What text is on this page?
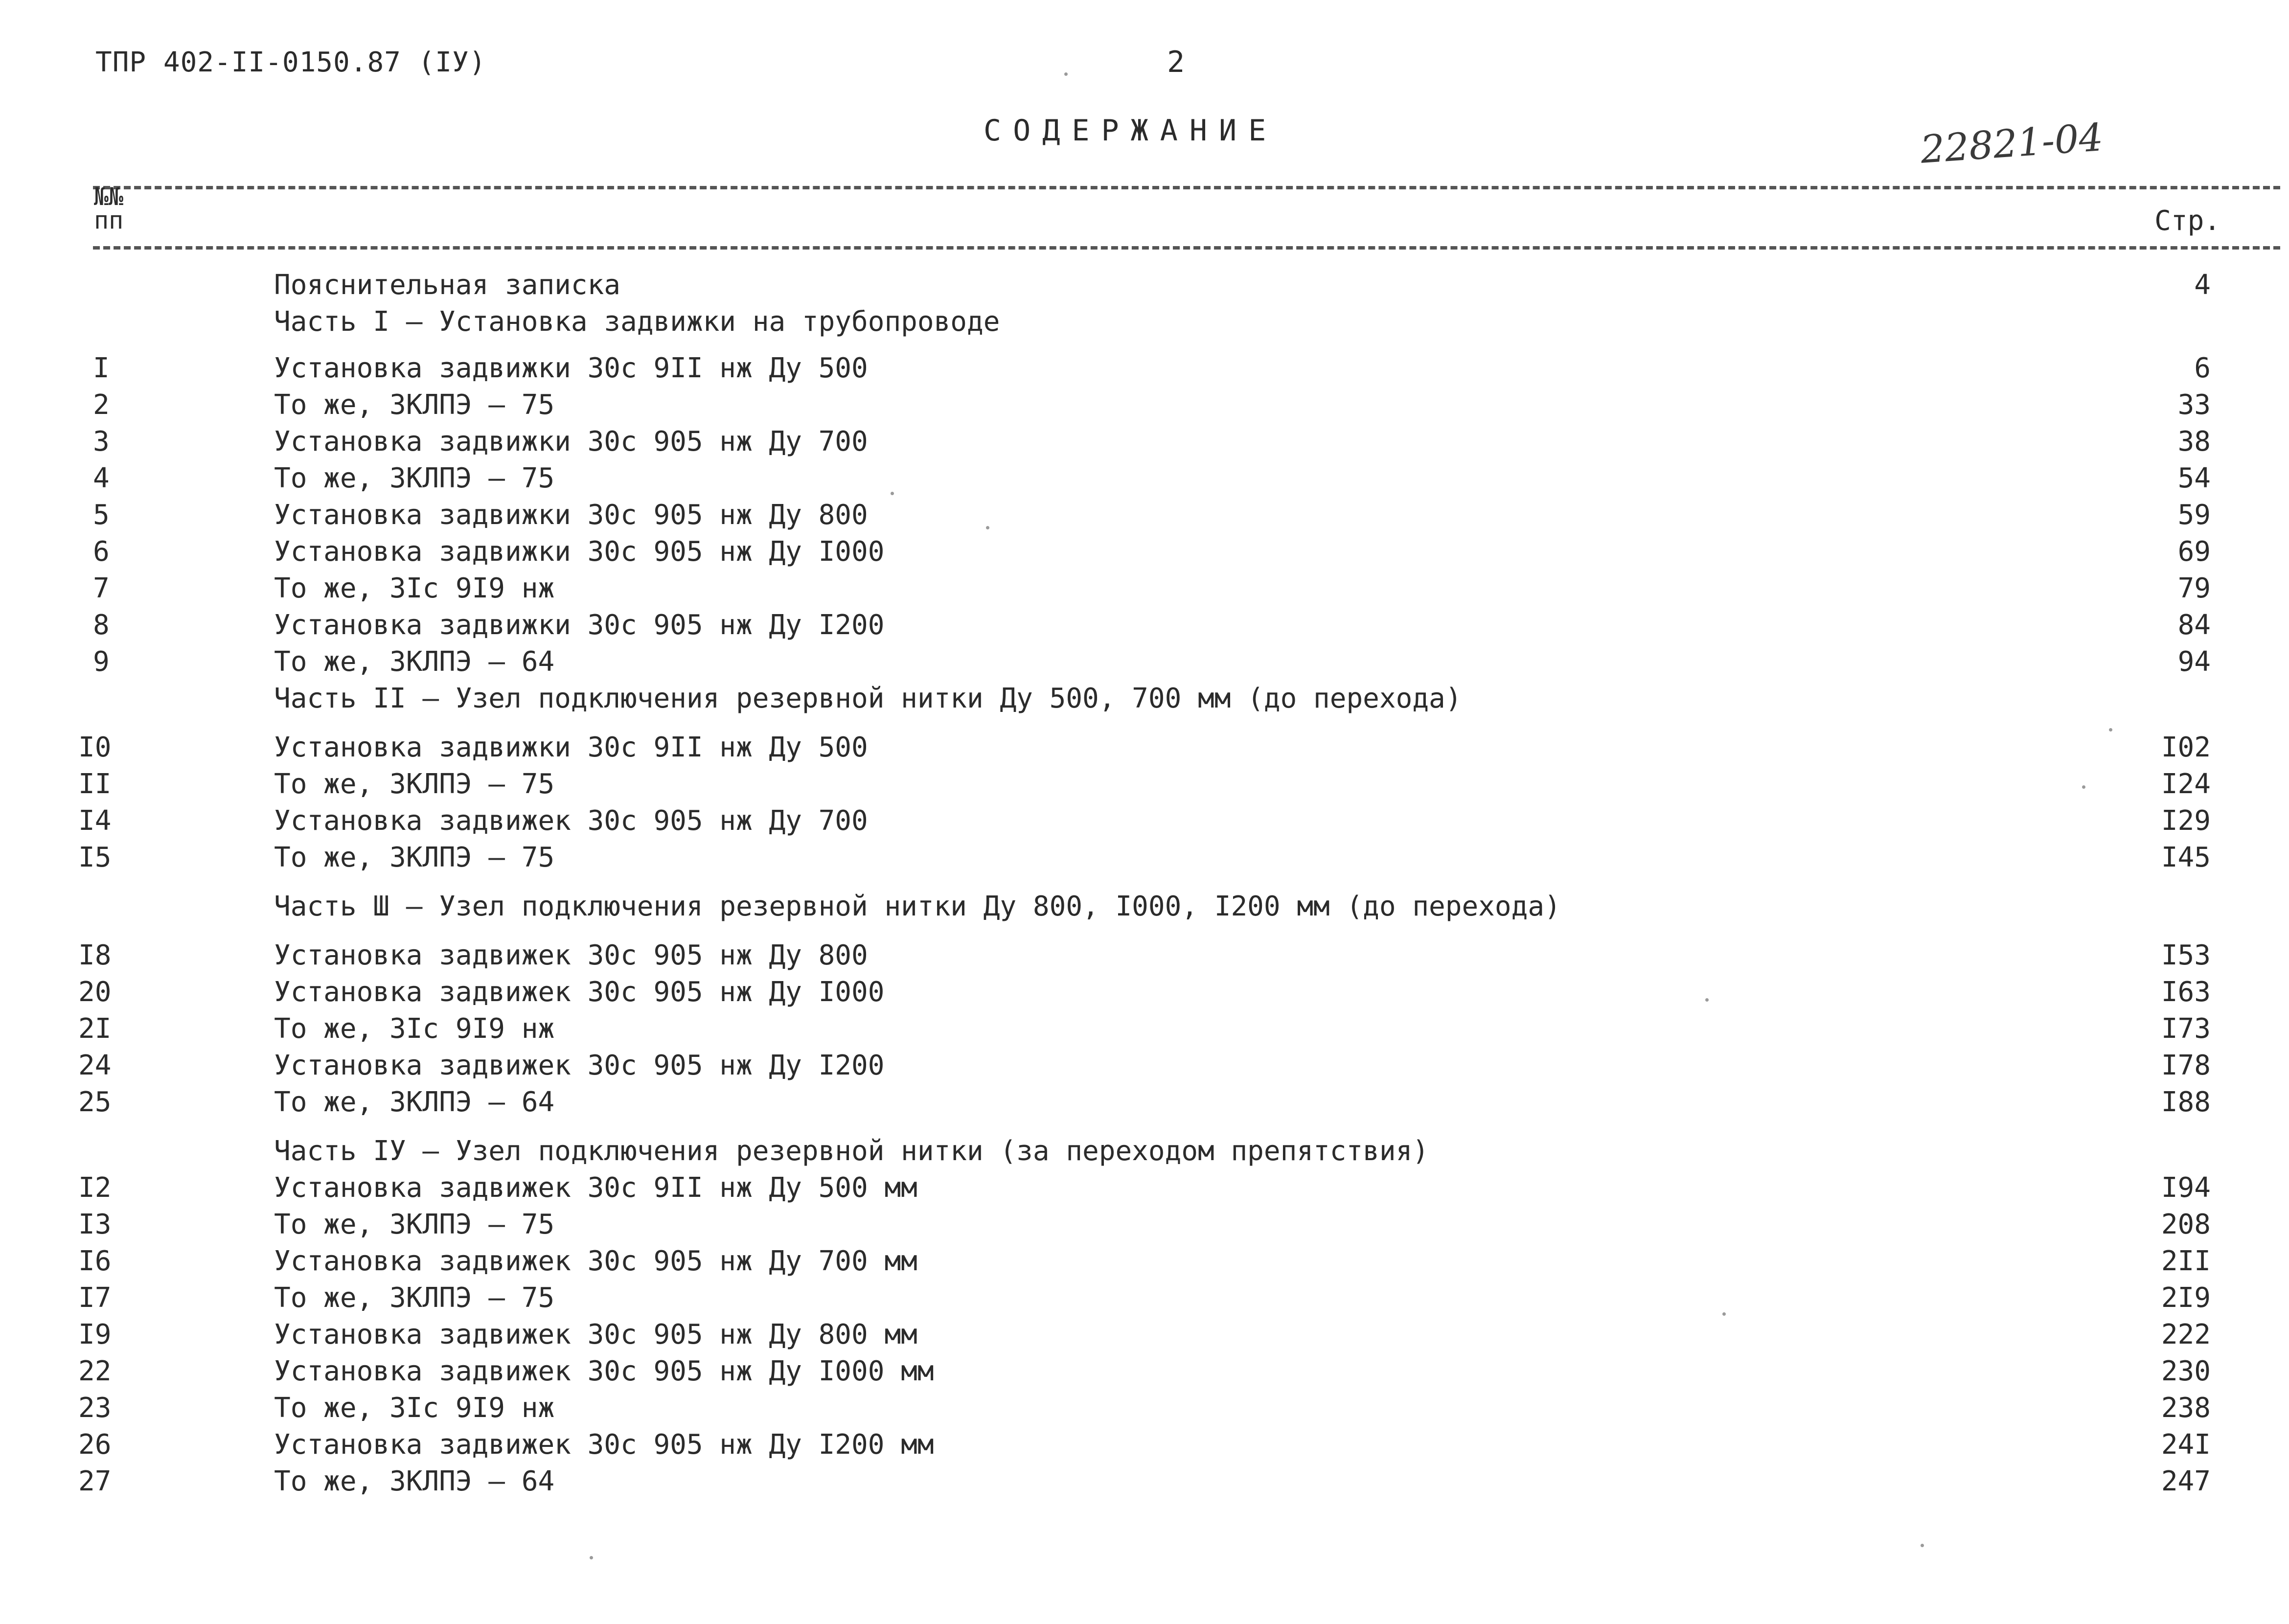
ТПР 402-II-0150.87 (IУ)	2
СОДЕРЖАНИЕ	22821-04
№№ пп	Стр.
Пояснительная записка	4
Часть I – Установка задвижки на трубопроводе
I	Установка задвижки 30с 9II нж Ду 500	6
2	То же, ЗКЛПЭ – 75	33
3	Установка задвижки 30с 905 нж Ду 700	38
4	То же, ЗКЛПЭ – 75	54
5	Установка задвижки 30с 905 нж Ду 800	59
6	Установка задвижки 30с 905 нж Ду I000	69
7	То же, 3Iс 9I9 нж	79
8	Установка задвижки 30с 905 нж Ду I200	84
9	То же, ЗКЛПЭ – 64	94
Часть II – Узел подключения резервной нитки Ду 500, 700 мм (до перехода)
I0	Установка задвижки 30с 9II нж Ду 500	I02
II	То же, ЗКЛПЭ – 75	I24
I4	Установка задвижек 30с 905 нж Ду 700	I29
I5	То же, ЗКЛПЭ – 75	I45
Часть Ш – Узел подключения резервной нитки Ду 800, I000, I200 мм (до перехода)
I8	Установка задвижек 30с 905 нж Ду 800	I53
20	Установка задвижек 30с 905 нж Ду I000	I63
2I	То же, 3Iс 9I9 нж	I73
24	Установка задвижек 30с 905 нж Ду I200	I78
25	То же, ЗКЛПЭ – 64	I88
Часть IУ – Узел подключения резервной нитки (за переходом препятствия)
I2	Установка задвижек 30с 9II нж Ду 500 мм	I94
I3	То же, ЗКЛПЭ – 75	208
I6	Установка задвижек 30с 905 нж Ду 700 мм	2II
I7	То же, ЗКЛПЭ – 75	2I9
I9	Установка задвижек 30с 905 нж Ду 800 мм	222
22	Установка задвижек 30с 905 нж Ду I000 мм	230
23	То же, 3Iс 9I9 нж	238
26	Установка задвижек 30с 905 нж Ду I200 мм	24I
27	То же, ЗКЛПЭ – 64	247
